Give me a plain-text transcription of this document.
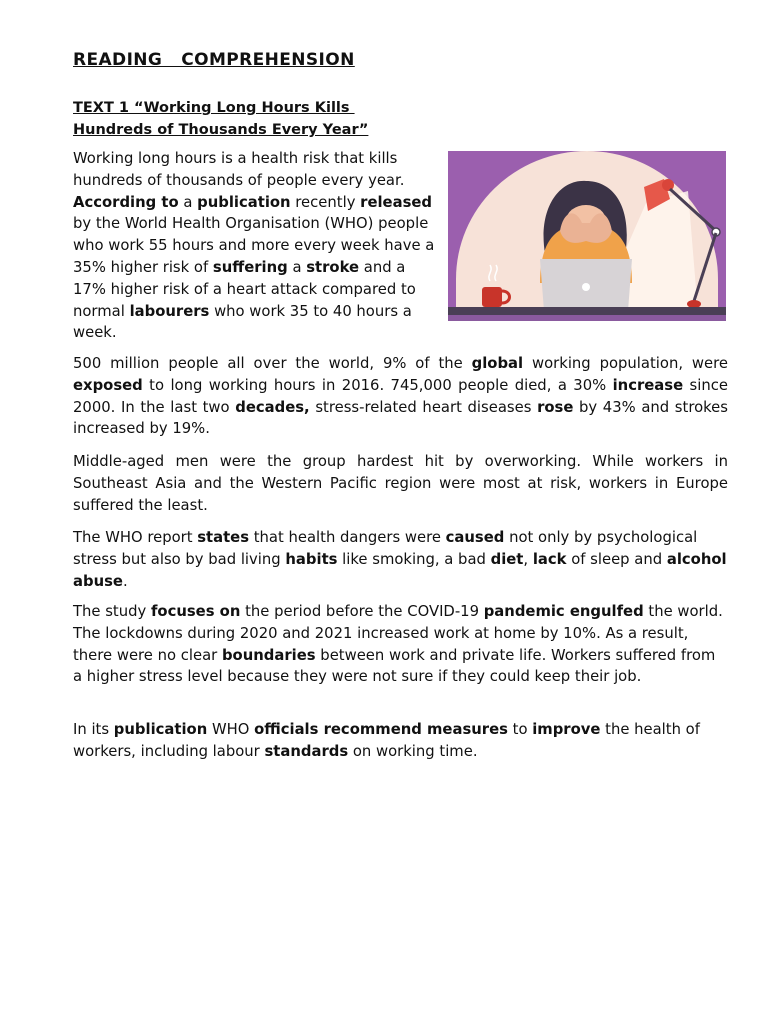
READING   COMPREHENSION
TEXT 1 “Working Long Hours Kills
Hundreds of Thousands Every Year”

Working long hours is a health risk that kills hundreds of thousands of people every year. According to a publication recently released by the World Health Organisation (WHO) people who work 55 hours and more every week have a 35% higher risk of suffering a stroke and a 17% higher risk of a heart attack compared to normal labourers who work 35 to 40 hours a week.

500 million people all over the world, 9% of the global working population, were exposed to long working hours in 2016. 745,000 people died, a 30% increase since 2000. In the last two decades, stress-related heart diseases rose by 43% and strokes increased by 19%.

Middle-aged men were the group hardest hit by overworking. While workers in Southeast Asia and the Western Pacific region were most at risk, workers in Europe suffered the least.

The WHO report states that health dangers were caused not only by psychological stress but also by bad living habits like smoking, a bad diet, lack of sleep and alcohol abuse.

The study focuses on the period before the COVID-19 pandemic engulfed the world. The lockdowns during 2020 and 2021 increased work at home by 10%. As a result, there were no clear boundaries between work and private life. Workers suffered from a higher stress level because they were not sure if they could keep their job.

In its publication WHO officials recommend measures to improve the health of workers, including labour standards on working time.
